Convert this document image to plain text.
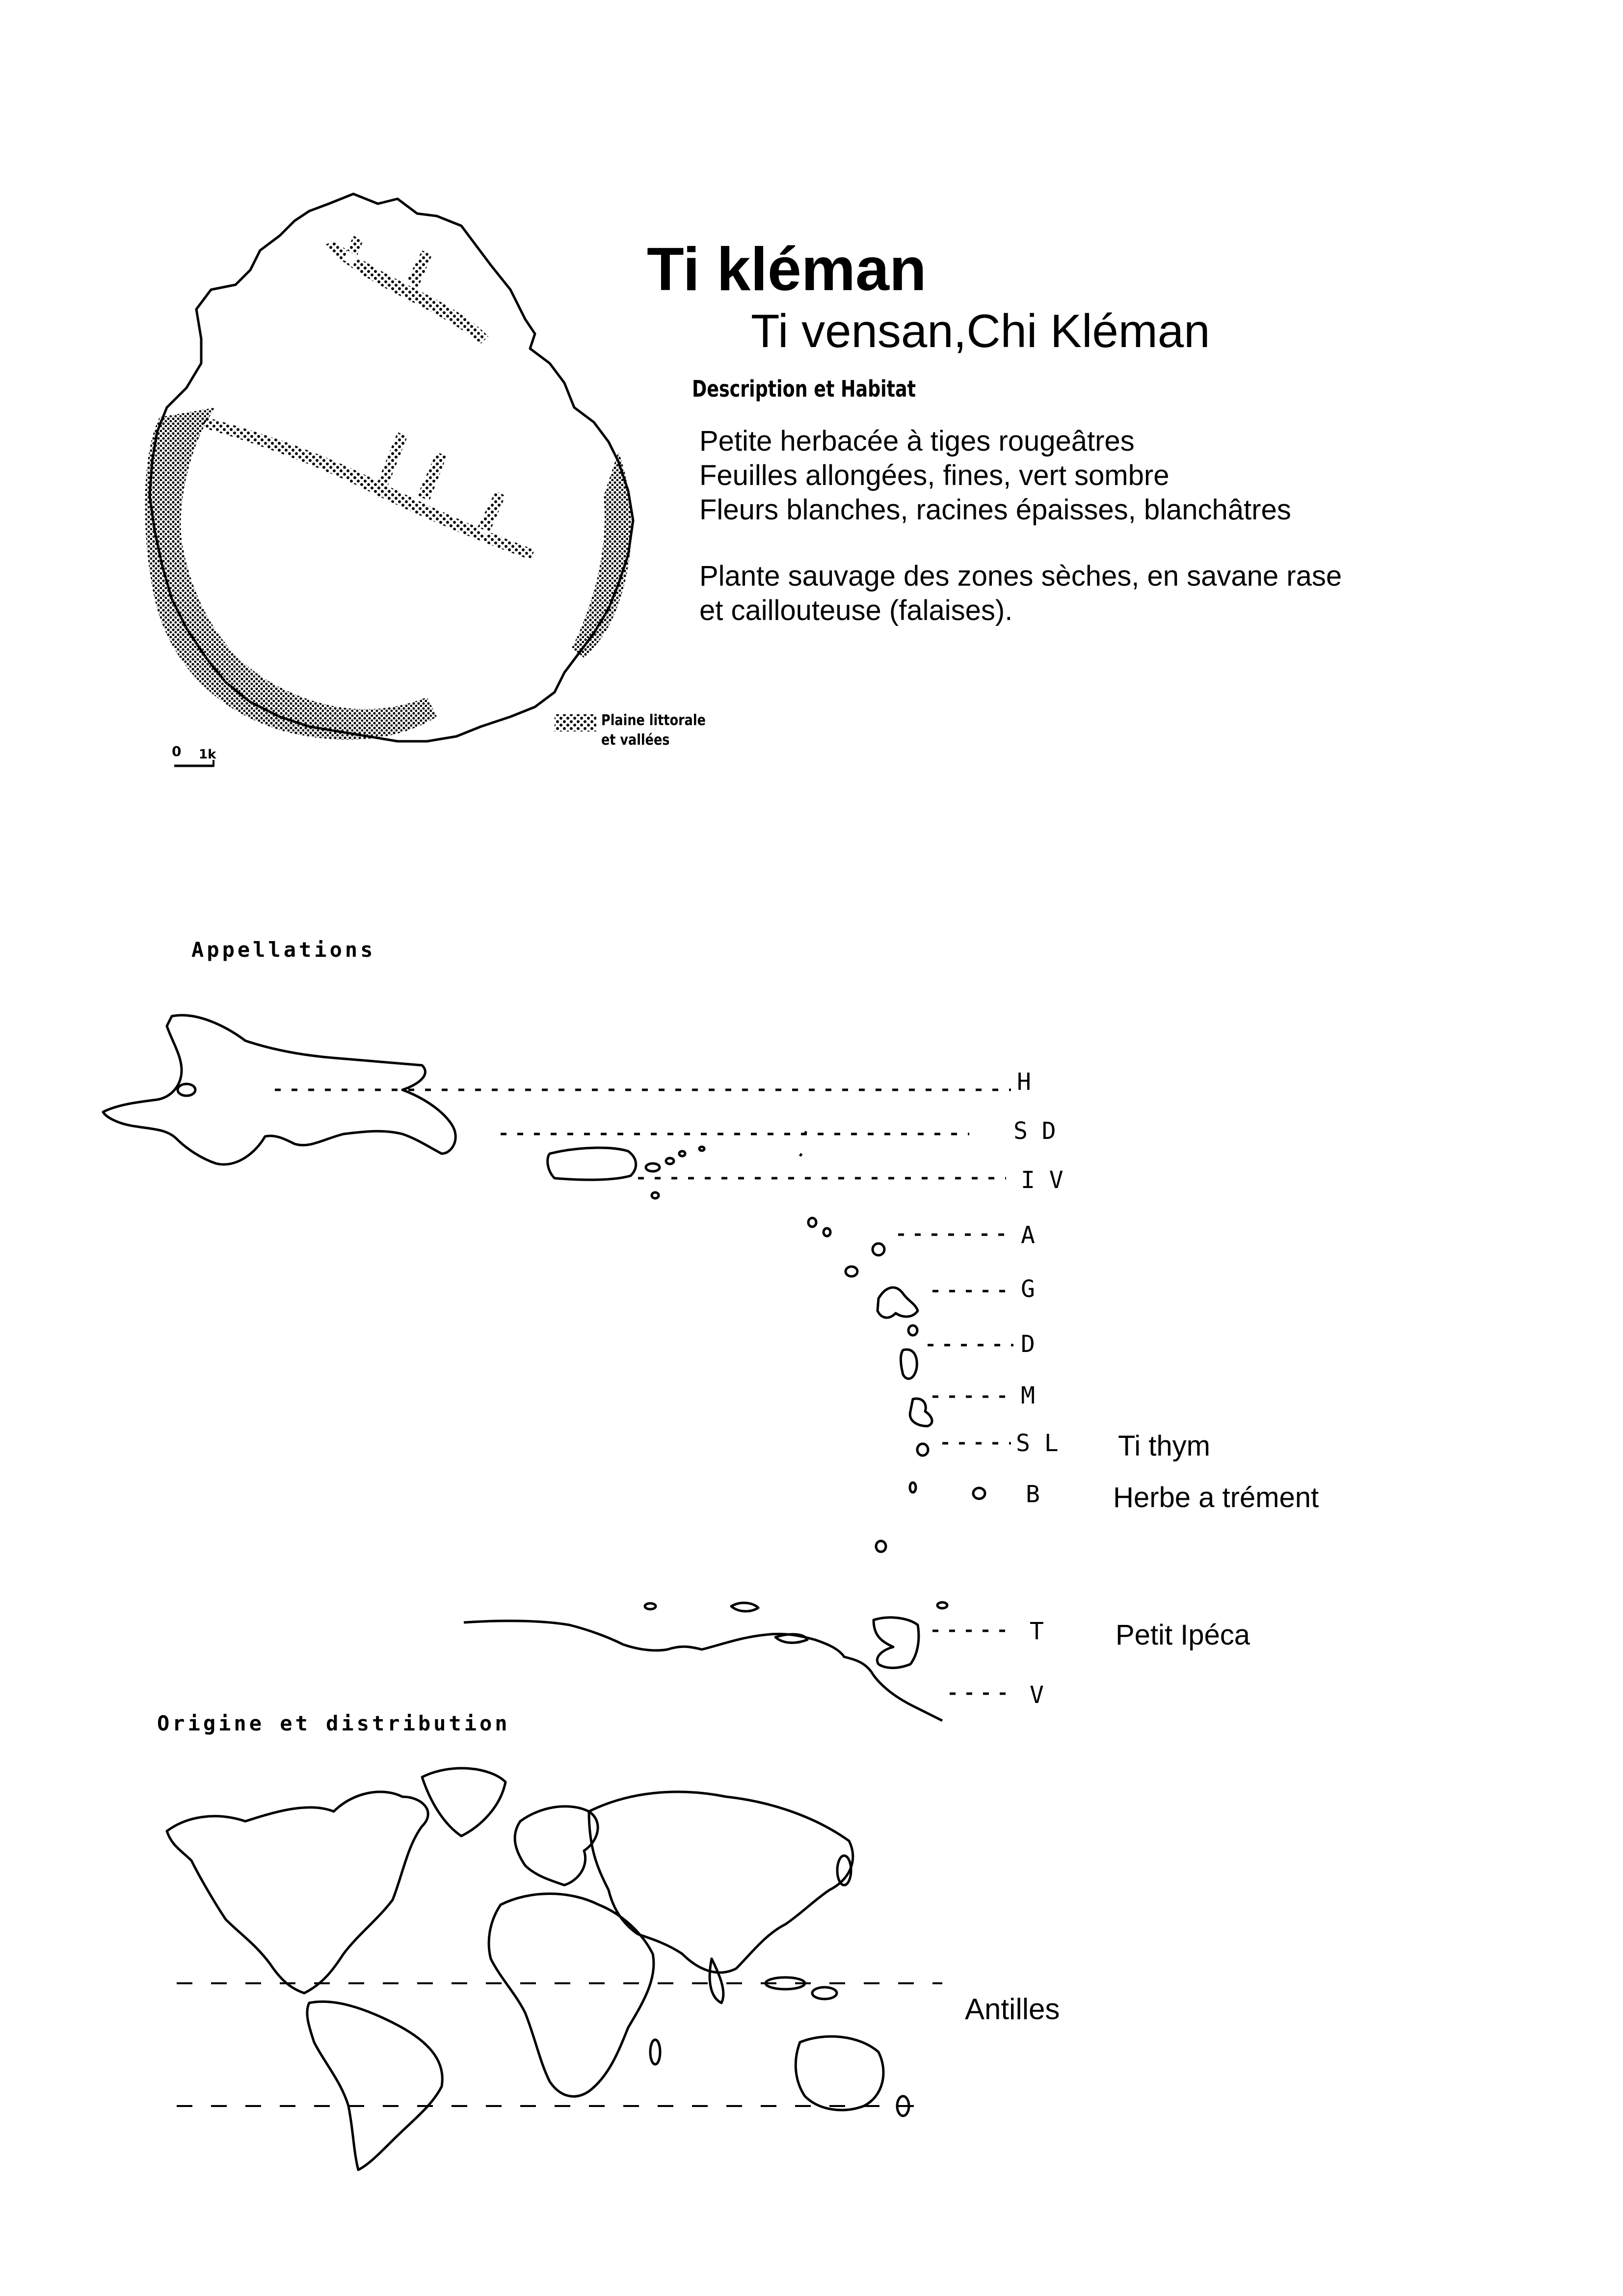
0 1k
Plaine littorale
et vallées
Ti kléman
Ti vensan,Chi Kléman
Description et Habitat
Petite herbacée à tiges rougeâtres
Feuilles allongées, fines, vert sombre
Fleurs blanches, racines épaisses, blanchâtres
Plante sauvage des zones sèches, en savane rase
et caillouteuse (falaises).
Appellations
H
S D
I V
A
G
D
M
S L
B
T
V
Ti thym
Herbe a trément
Petit Ipéca
Origine et distribution
Antilles
